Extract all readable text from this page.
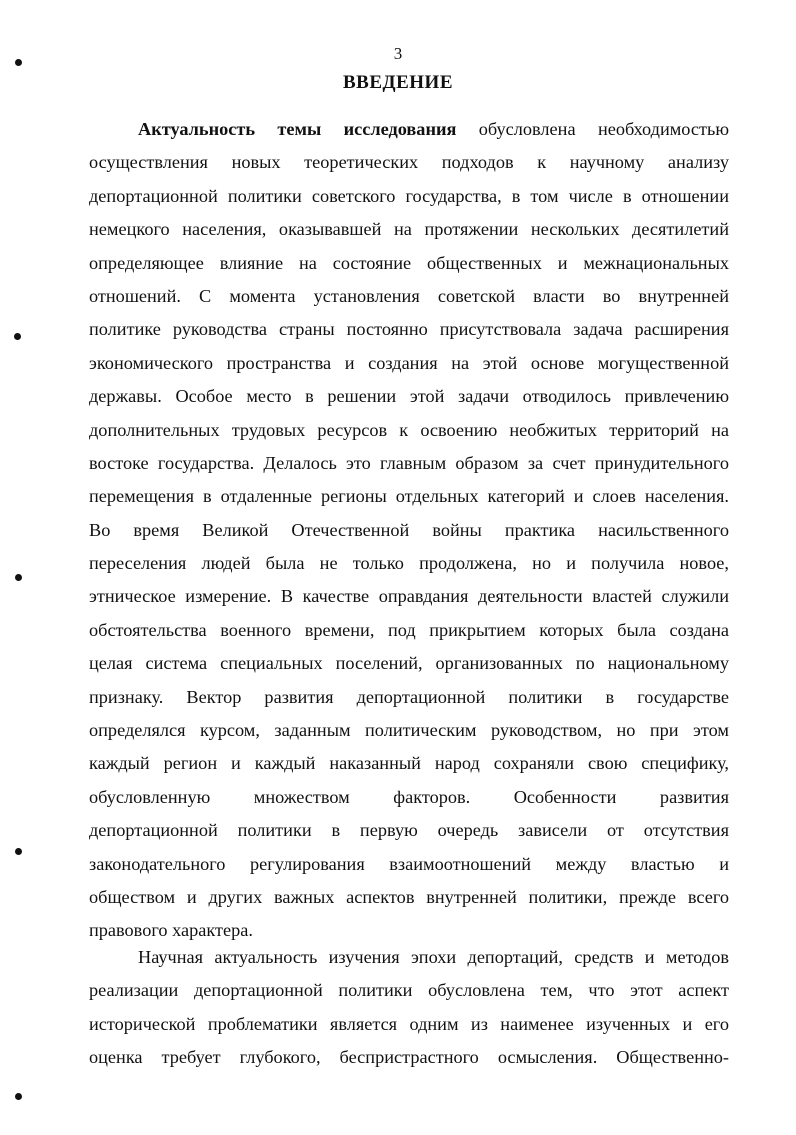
3
ВВЕДЕНИЕ
Актуальность темы исследования обусловлена необходимостью
осуществления новых теоретических подходов к научному анализу
депортационной политики советского государства, в том числе в отношении
немецкого населения, оказывавшей на протяжении нескольких десятилетий
определяющее влияние на состояние общественных и межнациональных
отношений. С момента установления советской власти во внутренней
политике руководства страны постоянно присутствовала задача расширения
экономического пространства и создания на этой основе могущественной
державы. Особое место в решении этой задачи отводилось привлечению
дополнительных трудовых ресурсов к освоению необжитых территорий на
востоке государства. Делалось это главным образом за счет принудительного
перемещения в отдаленные регионы отдельных категорий и слоев населения.
Во время Великой Отечественной войны практика насильственного
переселения людей была не только продолжена, но и получила новое,
этническое измерение. В качестве оправдания деятельности властей служили
обстоятельства военного времени, под прикрытием которых была создана
целая система специальных поселений, организованных по национальному
признаку. Вектор развития депортационной политики в государстве
определялся курсом, заданным политическим руководством, но при этом
каждый регион и каждый наказанный народ сохраняли свою специфику,
обусловленную множеством факторов. Особенности развития
депортационной политики в первую очередь зависели от отсутствия
законодательного регулирования взаимоотношений между властью и
обществом и других важных аспектов внутренней политики, прежде всего
правового характера.
Научная актуальность изучения эпохи депортаций, средств и методов
реализации депортационной политики обусловлена тем, что этот аспект
исторической проблематики является одним из наименее изученных и его
оценка требует глубокого, беспристрастного осмысления. Общественно-
